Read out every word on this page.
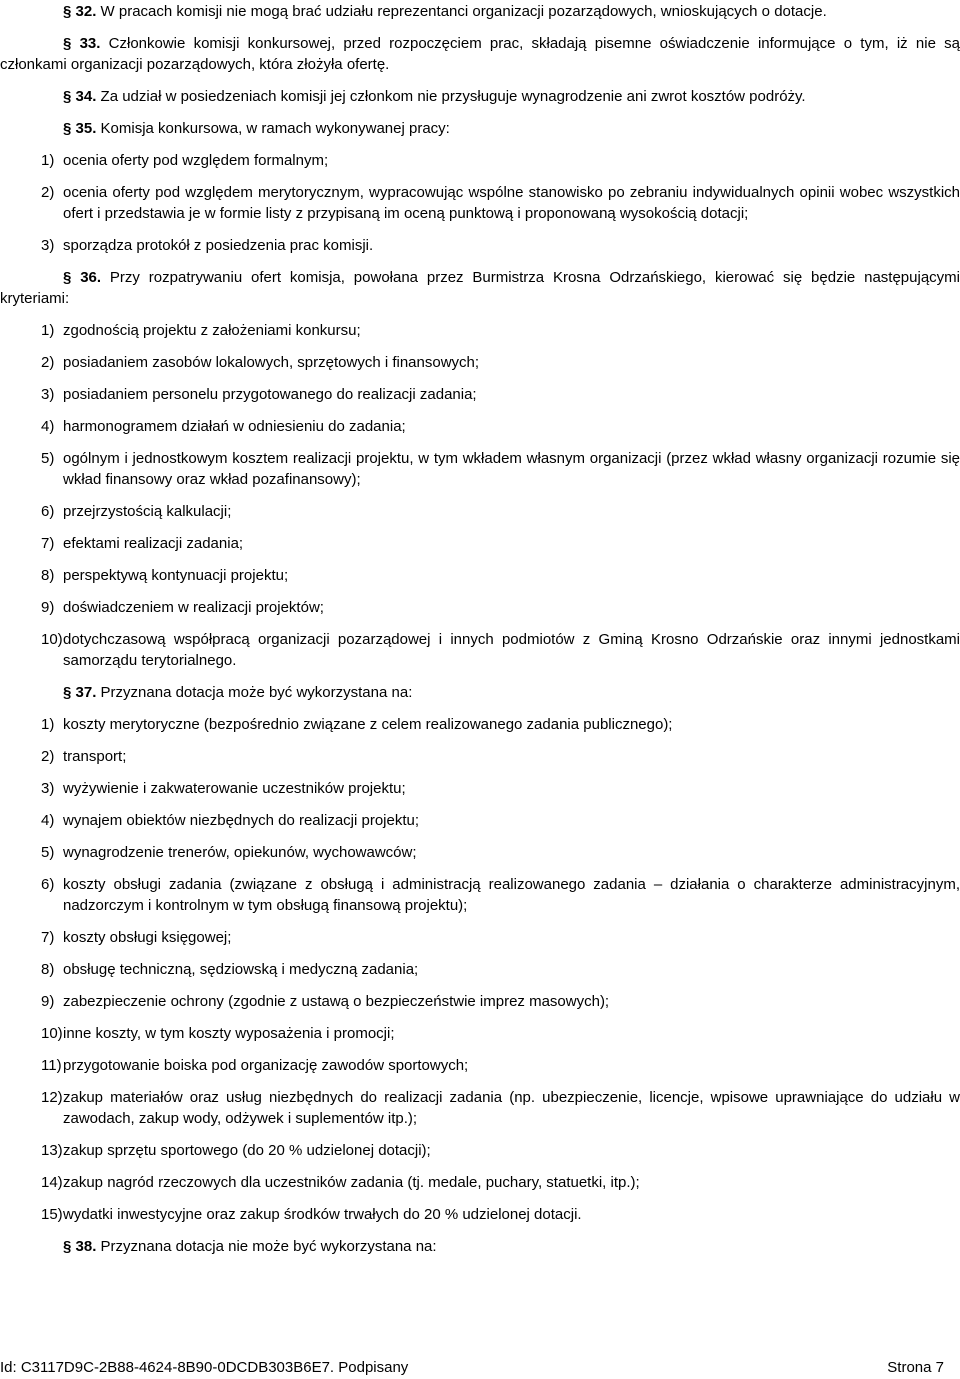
§ 32. W pracach komisji nie mogą brać udziału reprezentanci organizacji pozarządowych, wnioskujących o dotacje.

§ 33. Członkowie komisji konkursowej, przed rozpoczęciem prac, składają pisemne oświadczenie informujące o tym, iż nie są członkami organizacji pozarządowych, która złożyła ofertę.

§ 34. Za udział w posiedzeniach komisji jej członkom nie przysługuje wynagrodzenie ani zwrot kosztów podróży.

§ 35. Komisja konkursowa, w ramach wykonywanej pracy:

1) ocenia oferty pod względem formalnym;
2) ocenia oferty pod względem merytorycznym, wypracowując wspólne stanowisko po zebraniu indywidualnych opinii wobec wszystkich ofert i przedstawia je w formie listy z przypisaną im oceną punktową i proponowaną wysokością dotacji;
3) sporządza protokół z posiedzenia prac komisji.

§ 36. Przy rozpatrywaniu ofert komisja, powołana przez Burmistrza Krosna Odrzańskiego, kierować się będzie następującymi kryteriami:

1) zgodnością projektu z założeniami konkursu;
2) posiadaniem zasobów lokalowych, sprzętowych i finansowych;
3) posiadaniem personelu przygotowanego do realizacji zadania;
4) harmonogramem działań w odniesieniu do zadania;
5) ogólnym i jednostkowym kosztem realizacji projektu, w tym wkładem własnym organizacji (przez wkład własny organizacji rozumie się wkład finansowy oraz wkład pozafinansowy);
6) przejrzystością kalkulacji;
7) efektami realizacji zadania;
8) perspektywą kontynuacji projektu;
9) doświadczeniem w realizacji projektów;
10) dotychczasową współpracą organizacji pozarządowej i innych podmiotów z Gminą Krosno Odrzańskie oraz innymi jednostkami samorządu terytorialnego.

§ 37. Przyznana dotacja może być wykorzystana na:

1) koszty merytoryczne (bezpośrednio związane z celem realizowanego zadania publicznego);
2) transport;
3) wyżywienie i zakwaterowanie uczestników projektu;
4) wynajem obiektów niezbędnych do realizacji projektu;
5) wynagrodzenie trenerów, opiekunów, wychowawców;
6) koszty obsługi zadania (związane z obsługą i administracją realizowanego zadania – działania o charakterze administracyjnym, nadzorczym i kontrolnym w tym obsługą finansową projektu);
7) koszty obsługi księgowej;
8) obsługę techniczną, sędziowską i medyczną zadania;
9) zabezpieczenie ochrony (zgodnie z ustawą o bezpieczeństwie imprez masowych);
10) inne koszty, w tym koszty wyposażenia i promocji;
11) przygotowanie boiska pod organizację zawodów sportowych;
12) zakup materiałów oraz usług niezbędnych do realizacji zadania (np. ubezpieczenie, licencje, wpisowe uprawniające do udziału w zawodach, zakup wody, odżywek i suplementów itp.);
13) zakup sprzętu sportowego (do 20 % udzielonej dotacji);
14) zakup nagród rzeczowych dla uczestników zadania (tj. medale, puchary, statuetki, itp.);
15) wydatki inwestycyjne oraz zakup środków trwałych do 20 % udzielonej dotacji.

§ 38. Przyznana dotacja nie może być wykorzystana na:

Id: C3117D9C-2B88-4624-8B90-0DCDB303B6E7. Podpisany	Strona 7
